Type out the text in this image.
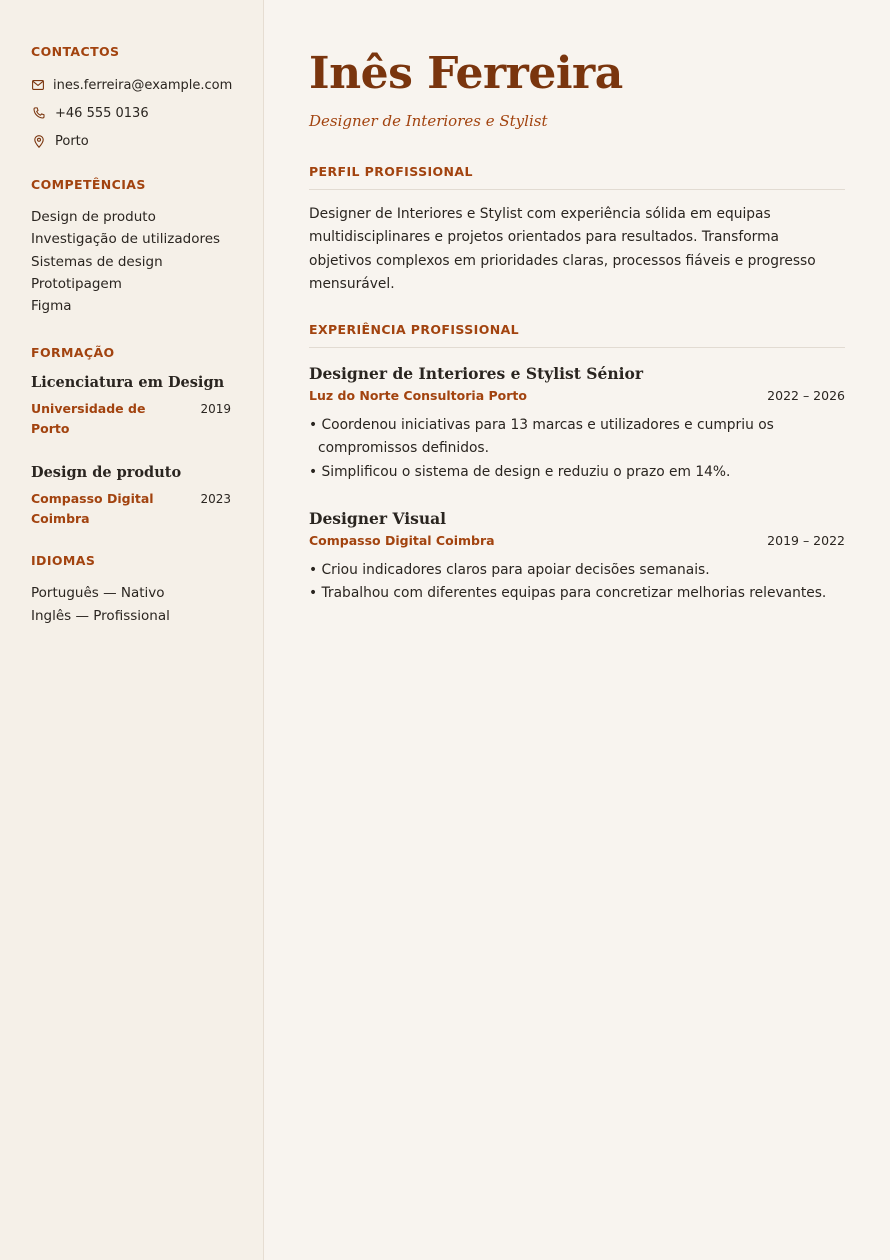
CONTACTOS
ines.ferreira@example.com
+46 555 0136
Porto
COMPETÊNCIAS
Design de produto
Investigação de utilizadores
Sistemas de design
Prototipagem
Figma
FORMAÇÃO
Licenciatura em Design
Universidade de Porto
2019
Design de produto
Compasso Digital Coimbra
2023
IDIOMAS
Português — Nativo
Inglês — Profissional
Inês Ferreira
Designer de Interiores e Stylist
PERFIL PROFISSIONAL

Designer de Interiores e Stylist com experiência sólida em equipas multidisciplinares e projetos orientados para resultados. Transforma objetivos complexos em prioridades claras, processos fiáveis e progresso mensurável.

EXPERIÊNCIA PROFISSIONAL
Designer de Interiores e Stylist Sénior
Luz do Norte Consultoria Porto	2022 – 2026
• Coordenou iniciativas para 13 marcas e utilizadores e cumpriu os compromissos definidos.
• Simplificou o sistema de design e reduziu o prazo em 14%.
Designer Visual
Compasso Digital Coimbra	2019 – 2022
• Criou indicadores claros para apoiar decisões semanais.
• Trabalhou com diferentes equipas para concretizar melhorias relevantes.
